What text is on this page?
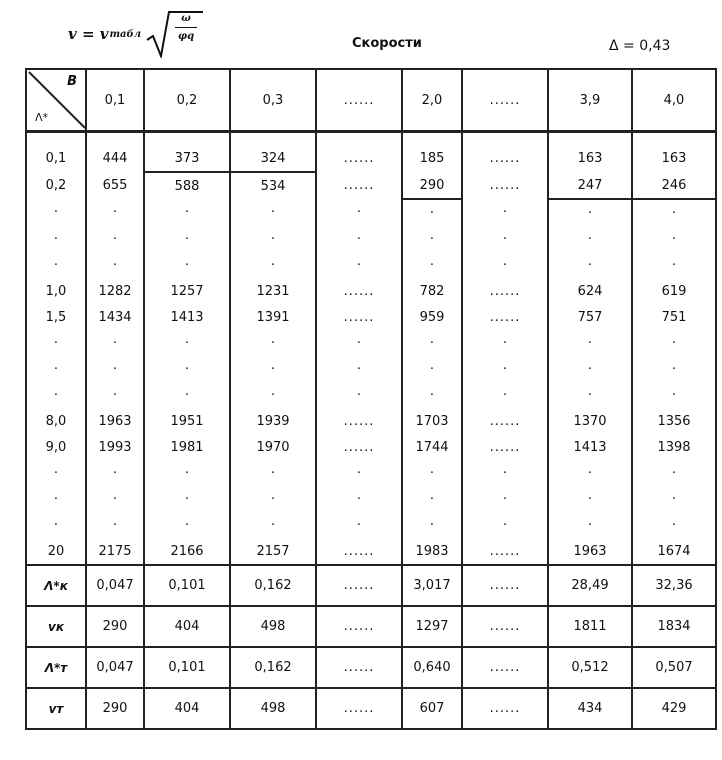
v = v табл
ω
φq	Скорости	Δ = 0,43
B
Λ*	0,1	0,2	0,3	......	2,0	......	3,9	4,0

0,1	444	373	324	......	185	......	163	163
0,2	655	588	534	......	290	......	247	246
·	·	·	·	·	·	·	·	·
·	·	·	·	·	·	·	·	·
·	·	·	·	·	·	·	·	·
1,0	1282	1257	1231	......	782	......	624	619
1,5	1434	1413	1391	......	959	......	757	751
·	·	·	·	·	·	·	·	·
·	·	·	·	·	·	·	·	·
·	·	·	·	·	·	·	·	·
8,0	1963	1951	1939	......	1703	......	1370	1356
9,0	1993	1981	1970	......	1744	......	1413	1398
·	·	·	·	·	·	·	·	·
·	·	·	·	·	·	·	·	·
·	·	·	·	·	·	·	·	·
20	2175	2166	2157	......	1983	......	1963	1674
Λ*к	0,047	0,101	0,162	......	3,017	......	28,49	32,36
vк	290	404	498	......	1297	......	1811	1834
Λ*т	0,047	0,101	0,162	......	0,640	......	0,512	0,507
vт	290	404	498	......	607	......	434	429
